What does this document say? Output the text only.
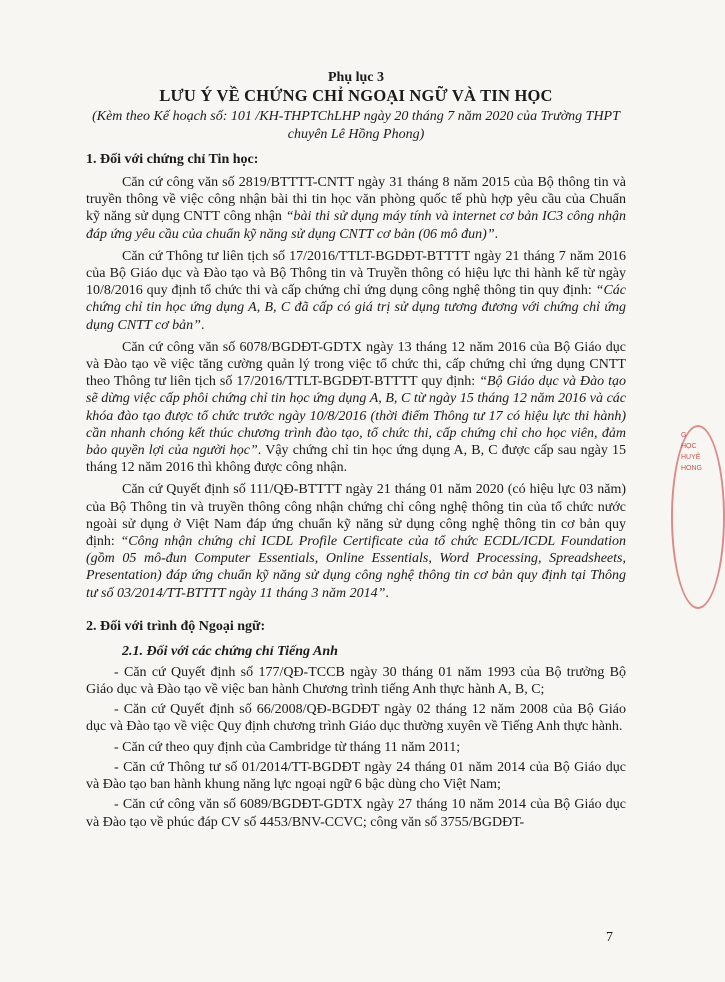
Phụ lục 3
LƯU Ý VỀ CHỨNG CHỈ NGOẠI NGỮ VÀ TIN HỌC
(Kèm theo Kế hoạch số: 101 /KH-THPTChLHP ngày 20 tháng 7 năm 2020 của Trường THPT chuyên Lê Hồng Phong)
1. Đối với chứng chỉ Tin học:

Căn cứ công văn số 2819/BTTTT-CNTT ngày 31 tháng 8 năm 2015 của Bộ thông tin và truyền thông về việc công nhận bài thi tin học văn phòng quốc tế phù hợp yêu cầu của Chuẩn kỹ năng sử dụng CNTT công nhận “bài thi sử dụng máy tính và internet cơ bản IC3 công nhận đáp ứng yêu cầu của chuẩn kỹ năng sử dụng CNTT cơ bản (06 mô đun)”.

Căn cứ Thông tư liên tịch số 17/2016/TTLT-BGDĐT-BTTTT ngày 21 tháng 7 năm 2016 của Bộ Giáo dục và Đào tạo và Bộ Thông tin và Truyền thông có hiệu lực thi hành kể từ ngày 10/8/2016 quy định tổ chức thi và cấp chứng chỉ ứng dụng công nghệ thông tin quy định: “Các chứng chỉ tin học ứng dụng A, B, C đã cấp có giá trị sử dụng tương đương với chứng chỉ ứng dụng CNTT cơ bản”.

Căn cứ công văn số 6078/BGDĐT-GDTX ngày 13 tháng 12 năm 2016 của Bộ Giáo dục và Đào tạo về việc tăng cường quản lý trong việc tổ chức thi, cấp chứng chỉ ứng dụng CNTT theo Thông tư liên tịch số 17/2016/TTLT-BGDĐT-BTTTT quy định: “Bộ Giáo dục và Đào tạo sẽ dừng việc cấp phôi chứng chỉ tin học ứng dụng A, B, C từ ngày 15 tháng 12 năm 2016 và các khóa đào tạo được tổ chức trước ngày 10/8/2016 (thời điểm Thông tư 17 có hiệu lực thi hành) cần nhanh chóng kết thúc chương trình đào tạo, tổ chức thi, cấp chứng chỉ cho học viên, đảm bảo quyền lợi của người học”. Vậy chứng chỉ tin học ứng dụng A, B, C được cấp sau ngày 15 tháng 12 năm 2016 thì không được công nhận.

Căn cứ Quyết định số 111/QĐ-BTTTT ngày 21 tháng 01 năm 2020 (có hiệu lực 03 năm) của Bộ Thông tin và truyền thông công nhận chứng chỉ công nghệ thông tin của tổ chức nước ngoài sử dụng ở Việt Nam đáp ứng chuẩn kỹ năng sử dụng công nghệ thông tin cơ bản quy định: “Công nhận chứng chỉ ICDL Profile Certificate của tổ chức ECDL/ICDL Foundation (gồm 05 mô-đun Computer Essentials, Online Essentials, Word Processing, Spreadsheets, Presentation) đáp ứng chuẩn kỹ năng sử dụng công nghệ thông tin cơ bản quy định tại Thông tư số 03/2014/TT-BTTTT ngày 11 tháng 3 năm 2014”.

2. Đối với trình độ Ngoại ngữ:
2.1. Đối với các chứng chỉ Tiếng Anh

- Căn cứ Quyết định số 177/QĐ-TCCB ngày 30 tháng 01 năm 1993 của Bộ trưởng Bộ Giáo dục và Đào tạo về việc ban hành Chương trình tiếng Anh thực hành A, B, C;

- Căn cứ Quyết định số 66/2008/QĐ-BGDĐT ngày 02 tháng 12 năm 2008 của Bộ Giáo dục và Đào tạo về việc Quy định chương trình Giáo dục thường xuyên về Tiếng Anh thực hành.

- Căn cứ theo quy định của Cambridge từ tháng 11 năm 2011;

- Căn cứ Thông tư số 01/2014/TT-BGDĐT ngày 24 tháng 01 năm 2014 của Bộ Giáo dục và Đào tạo ban hành khung năng lực ngoại ngữ 6 bậc dùng cho Việt Nam;

- Căn cứ công văn số 6089/BGDĐT-GDTX ngày 27 tháng 10 năm 2014 của Bộ Giáo dục và Đào tạo về phúc đáp CV số 4453/BNV-CCVC; công văn số 3755/BGDĐT-

G HỌC HUYÊ HONG
7
